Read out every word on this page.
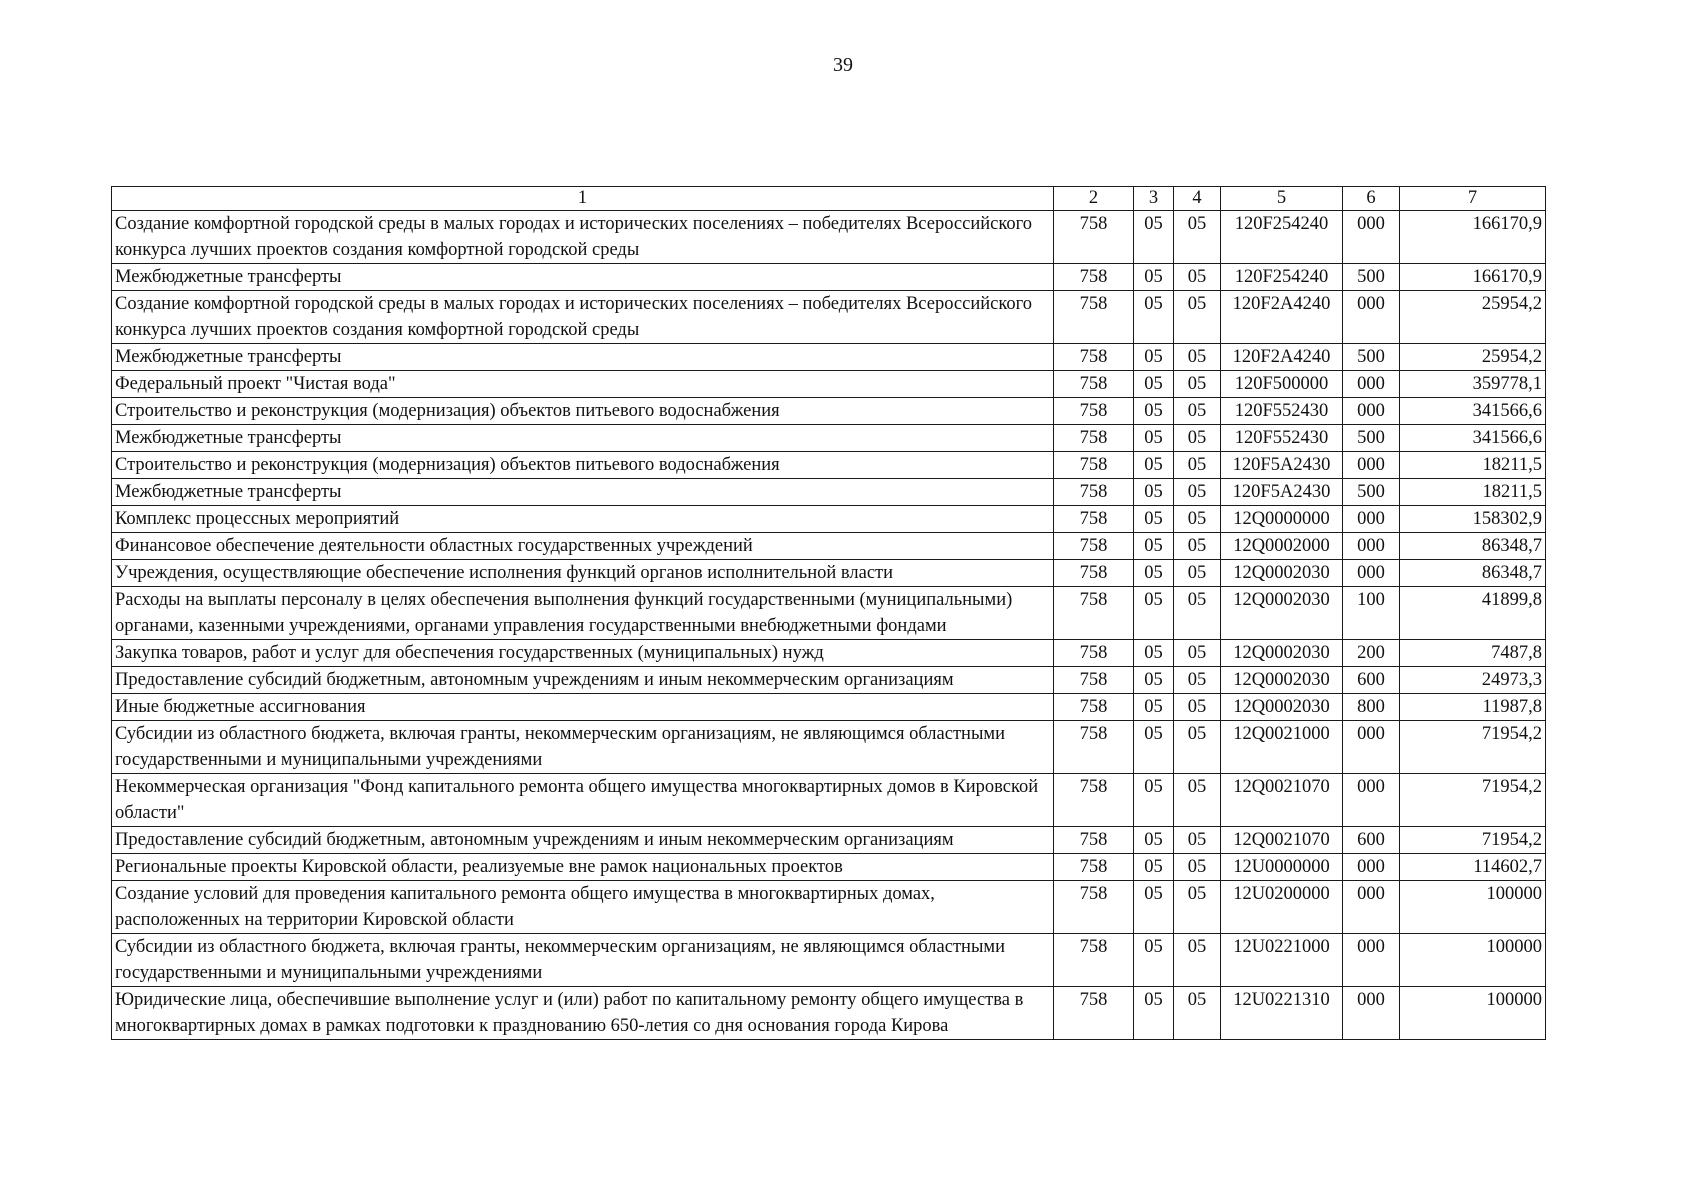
39
1	2	3	4	5	6	7
Создание комфортной городской среды в малых городах и исторических поселениях – победителях Всероссийского конкурса лучших проектов создания комфортной городской среды	758	05	05	120F254240	000	166170,9
Межбюджетные трансферты	758	05	05	120F254240	500	166170,9
Создание комфортной городской среды в малых городах и исторических поселениях – победителях Всероссийского конкурса лучших проектов создания комфортной городской среды	758	05	05	120F2A4240	000	25954,2
Межбюджетные трансферты	758	05	05	120F2A4240	500	25954,2
Федеральный проект "Чистая вода"	758	05	05	120F500000	000	359778,1
Строительство и реконструкция (модернизация) объектов питьевого водоснабжения	758	05	05	120F552430	000	341566,6
Межбюджетные трансферты	758	05	05	120F552430	500	341566,6
Строительство и реконструкция (модернизация) объектов питьевого водоснабжения	758	05	05	120F5A2430	000	18211,5
Межбюджетные трансферты	758	05	05	120F5A2430	500	18211,5
Комплекс процессных мероприятий	758	05	05	12Q0000000	000	158302,9
Финансовое обеспечение деятельности областных государственных учреждений	758	05	05	12Q0002000	000	86348,7
Учреждения, осуществляющие обеспечение исполнения функций органов исполнительной власти	758	05	05	12Q0002030	000	86348,7
Расходы на выплаты персоналу в целях обеспечения выполнения функций государственными (муниципальными) органами, казенными учреждениями, органами управления государственными внебюджетными фондами	758	05	05	12Q0002030	100	41899,8
Закупка товаров, работ и услуг для обеспечения государственных (муниципальных) нужд	758	05	05	12Q0002030	200	7487,8
Предоставление субсидий бюджетным, автономным учреждениям и иным некоммерческим организациям	758	05	05	12Q0002030	600	24973,3
Иные бюджетные ассигнования	758	05	05	12Q0002030	800	11987,8
Субсидии из областного бюджета, включая гранты, некоммерческим организациям, не являющимся областными государственными и муниципальными учреждениями	758	05	05	12Q0021000	000	71954,2
Некоммерческая организация "Фонд капитального ремонта общего имущества многоквартирных домов в Кировской области"	758	05	05	12Q0021070	000	71954,2
Предоставление субсидий бюджетным, автономным учреждениям и иным некоммерческим организациям	758	05	05	12Q0021070	600	71954,2
Региональные проекты Кировской области, реализуемые вне рамок национальных проектов	758	05	05	12U0000000	000	114602,7
Создание условий для проведения капитального ремонта общего имущества в многоквартирных домах, расположенных на территории Кировской области	758	05	05	12U0200000	000	100000
Субсидии из областного бюджета, включая гранты, некоммерческим организациям, не являющимся областными государственными и муниципальными учреждениями	758	05	05	12U0221000	000	100000
Юридические лица, обеспечившие выполнение услуг и (или) работ по капитальному ремонту общего имущества в многоквартирных домах в рамках подготовки к празднованию 650-летия со дня основания города Кирова	758	05	05	12U0221310	000	100000
